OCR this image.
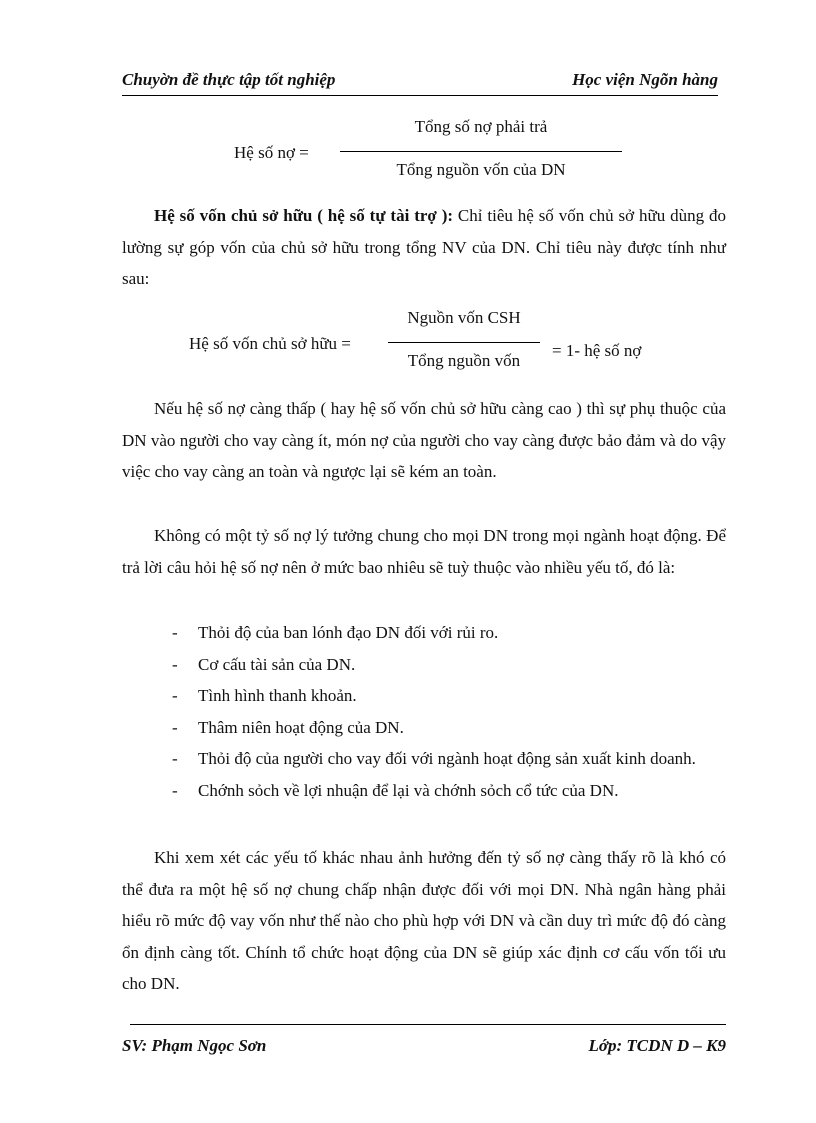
Chuyờn đề thực tập tốt nghiệp	Học viện Ngõn hàng
Hệ số nợ =
Tổng số nợ phải trả
Tổng nguồn vốn của DN

Hệ số vốn chủ sở hữu ( hệ số tự tài trợ ): Chỉ tiêu hệ số vốn chủ sở hữu dùng đo lường sự góp vốn của chủ sở hữu trong tổng NV của DN. Chỉ tiêu này được tính như sau:

Hệ số vốn chủ sở hữu =
Nguồn vốn CSH
Tổng nguồn vốn
= 1- hệ số nợ

Nếu hệ số nợ càng thấp ( hay hệ số vốn chủ sở hữu càng cao ) thì sự phụ thuộc của DN vào người cho vay càng ít, món nợ của người cho vay càng được bảo đảm và do vậy việc cho vay càng an toàn và ngược lại sẽ kém an toàn.

Không có một tỷ số nợ lý tưởng chung cho mọi DN trong mọi ngành hoạt động. Để trả lời câu hỏi hệ số nợ nên ở mức bao nhiêu sẽ tuỳ thuộc vào nhiều yếu tố, đó là:

- Thỏi độ của ban lónh đạo DN đối với rủi ro.
- Cơ cấu tài sản của DN.
- Tình hình thanh khoản.
- Thâm niên hoạt động của DN.
- Thỏi độ của người cho vay đối với ngành hoạt động sản xuất kinh doanh.
- Chớnh sỏch về lợi nhuận để lại và chớnh sỏch cổ tức của DN.

Khi xem xét các yếu tố khác nhau ảnh hưởng đến tỷ số nợ càng thấy rõ là khó có thể đưa ra một hệ số nợ chung chấp nhận được đối với mọi DN. Nhà ngân hàng phải hiểu rõ mức độ vay vốn như thế nào cho phù hợp với DN và cần duy trì mức độ đó càng ổn định càng tốt. Chính tổ chức hoạt động của DN sẽ giúp xác định cơ cấu vốn tối ưu cho DN.

SV: Phạm Ngọc Sơn	Lớp: TCDN D – K9
